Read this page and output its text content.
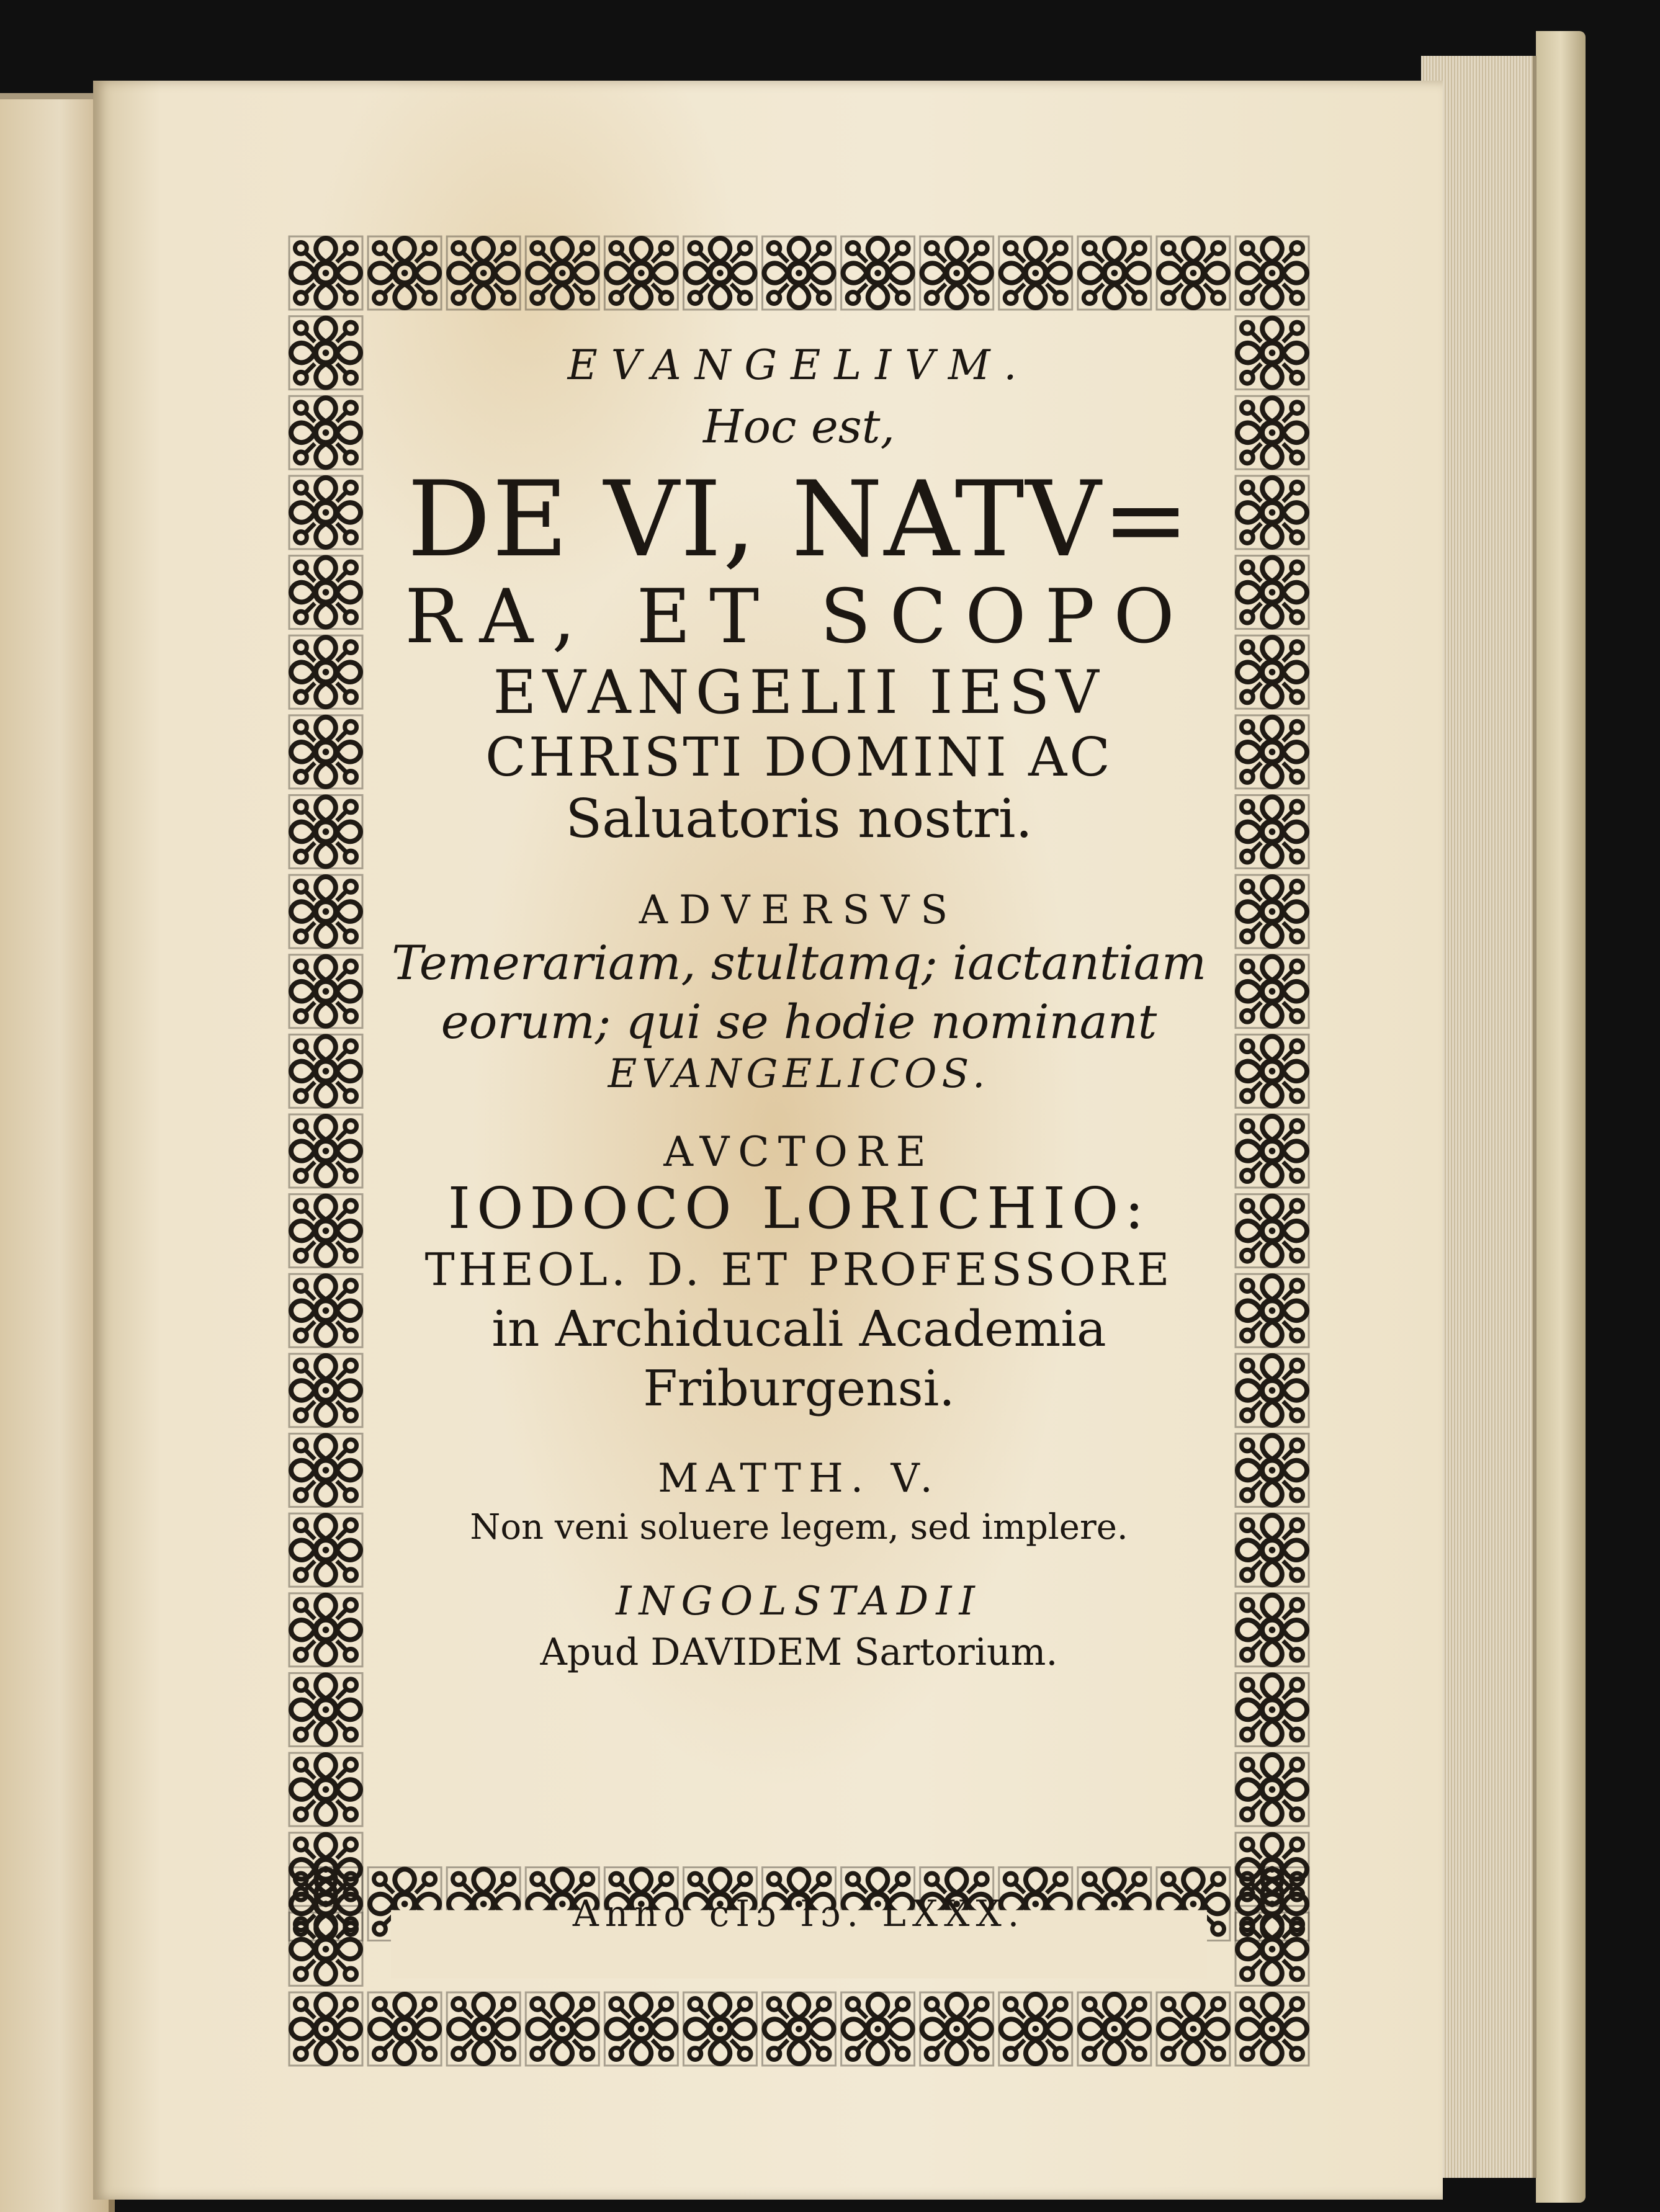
EVANGELIVM.
Hoc est,
DE VI, NATV=
RA, ET SCOPO
EVANGELII IESV
CHRISTI DOMINI AC
Saluatoris nostri.
ADVERSVS
Temerariam, stultamq; iactantiam
eorum; qui se hodie nominant
EVANGELICOS.
AVCTORE
IODOCO LORICHIO:
THEOL. D. ET PROFESSORE
in Archiducali Academia
Friburgensi.
MATTH. V.
Non veni soluere legem, sed implere.
INGOLSTADII
Apud DAVIDEM Sartorium.
Anno cIɔ Iɔ. LXXX.
